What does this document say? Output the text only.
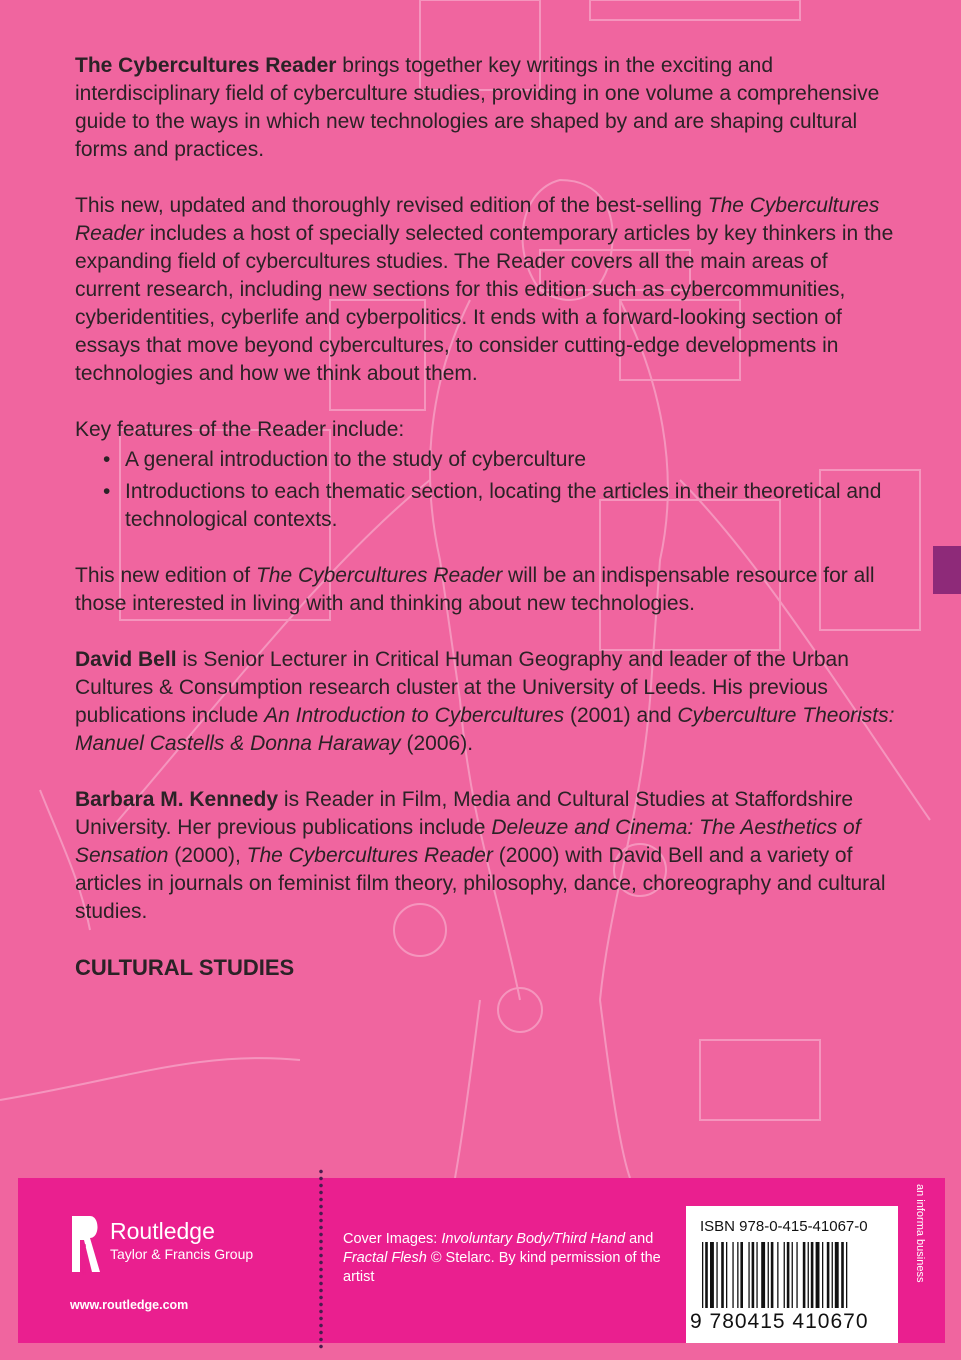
The Cybercultures Reader brings together key writings in the exciting and interdisciplinary field of cyberculture studies, providing in one volume a comprehensive guide to the ways in which new technologies are shaped by and are shaping cultural forms and practices.

This new, updated and thoroughly revised edition of the best-selling The Cybercultures Reader includes a host of specially selected contemporary articles by key thinkers in the expanding field of cybercultures studies. The Reader covers all the main areas of current research, including new sections for this edition such as cybercommunities, cyberidentities, cyberlife and cyberpolitics. It ends with a forward-looking section of essays that move beyond cybercultures, to consider cutting-edge developments in technologies and how we think about them.

Key features of the Reader include:

• A general introduction to the study of cyberculture
• Introductions to each thematic section, locating the articles in their theoretical and technological contexts.

This new edition of The Cybercultures Reader will be an indispensable resource for all those interested in living with and thinking about new technologies.

David Bell is Senior Lecturer in Critical Human Geography and leader of the Urban Cultures & Consumption research cluster at the University of Leeds. His previous publications include An Introduction to Cybercultures (2001) and Cyberculture Theorists: Manuel Castells & Donna Haraway (2006).

Barbara M. Kennedy is Reader in Film, Media and Cultural Studies at Staffordshire University. Her previous publications include Deleuze and Cinema: The Aesthetics of Sensation (2000), The Cybercultures Reader (2000) with David Bell and a variety of articles in journals on feminist film theory, philosophy, dance, choreography and cultural studies.

CULTURAL STUDIES

ROUTLEDGE
Routledge
Taylor & Francis Group
www.routledge.com
Cover Images: Involuntary Body/Third Hand and Fractal Flesh © Stelarc. By kind permission of the artist
ISBN 978-0-415-41067-0
9 780415 410670
an informa business
